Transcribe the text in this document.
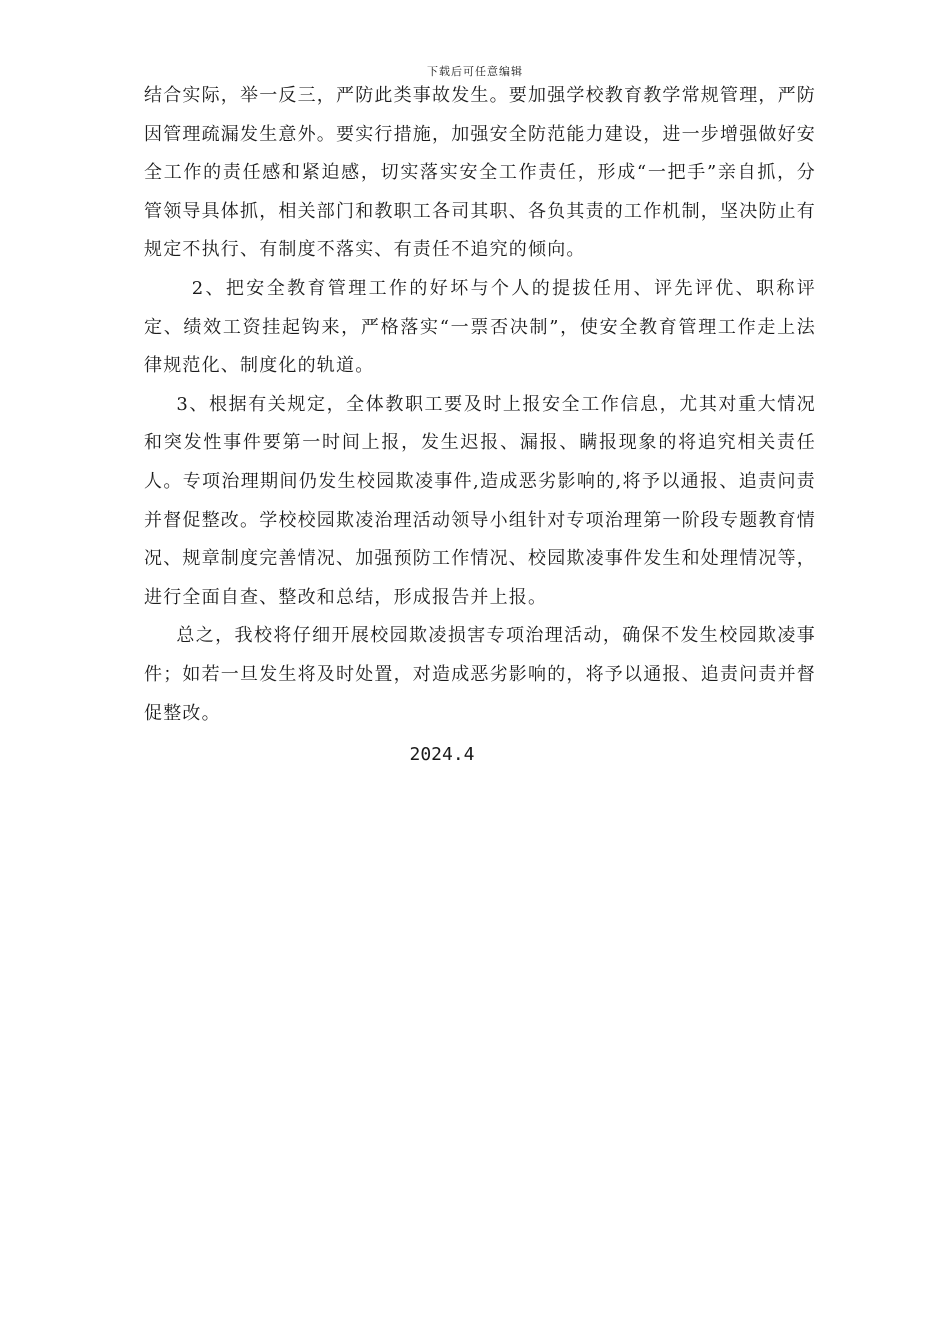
下载后可任意编辑

结合实际，举一反三，严防此类事故发生。要加强学校教育教学常规管理，严防因管理疏漏发生意外。要实行措施，加强安全防范能力建设，进一步增强做好安全工作的责任感和紧迫感，切实落实安全工作责任，形成“一把手”亲自抓，分管领导具体抓，相关部门和教职工各司其职、各负其责的工作机制，坚决防止有规定不执行、有制度不落实、有责任不追究的倾向。

2、把安全教育管理工作的好坏与个人的提拔任用、评先评优、职称评定、绩效工资挂起钩来，严格落实“一票否决制”，使安全教育管理工作走上法律规范化、制度化的轨道。

3、根据有关规定，全体教职工要及时上报安全工作信息，尤其对重大情况和突发性事件要第一时间上报，发生迟报、漏报、瞒报现象的将追究相关责任人。专项治理期间仍发生校园欺凌事件,造成恶劣影响的,将予以通报、追责问责并督促整改。学校校园欺凌治理活动领导小组针对专项治理第一阶段专题教育情况、规章制度完善情况、加强预防工作情况、校园欺凌事件发生和处理情况等，进行全面自查、整改和总结，形成报告并上报。

总之，我校将仔细开展校园欺凌损害专项治理活动，确保不发生校园欺凌事件；如若一旦发生将及时处置，对造成恶劣影响的，将予以通报、追责问责并督促整改。

2024.4
